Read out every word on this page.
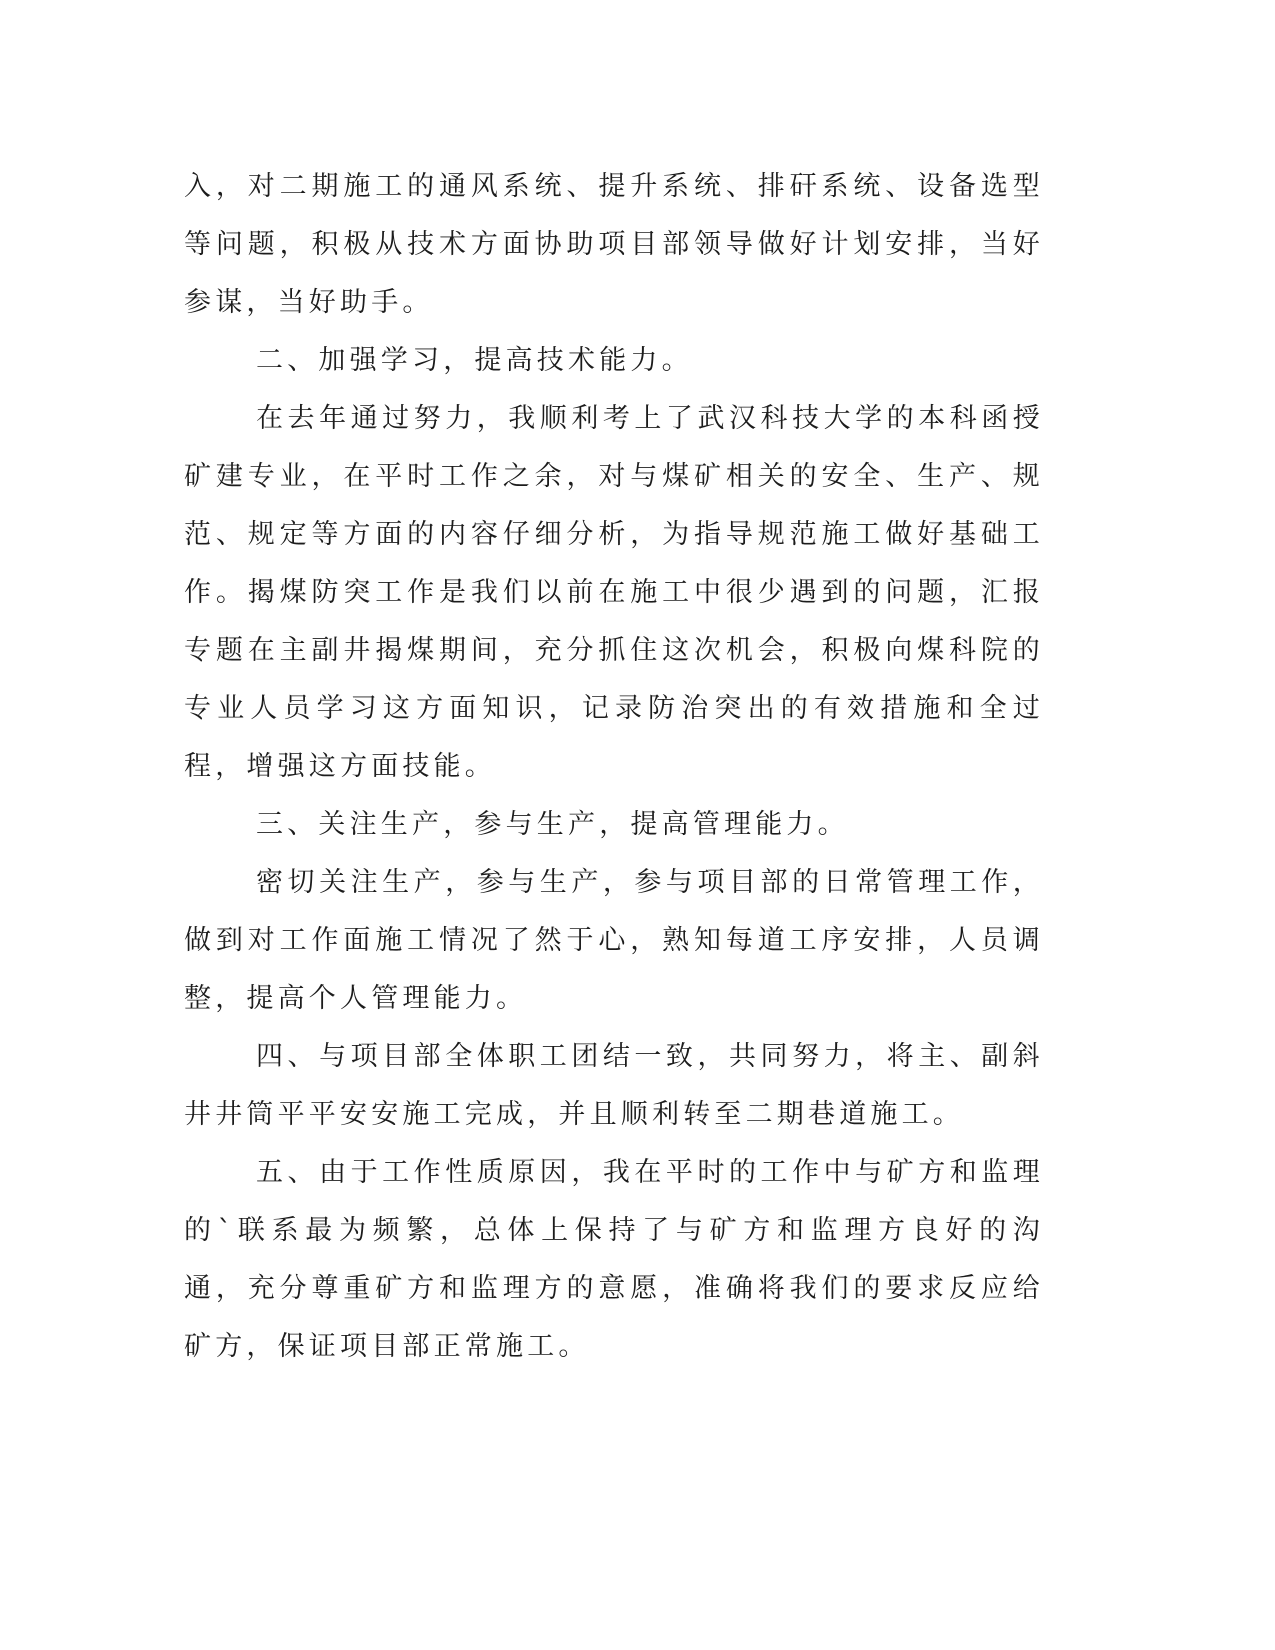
入，对二期施工的通风系统、提升系统、排矸系统、设备选型等问题，积极从技术方面协助项目部领导做好计划安排，当好参谋，当好助手。

二、加强学习，提高技术能力。

在去年通过努力，我顺利考上了武汉科技大学的本科函授矿建专业，在平时工作之余，对与煤矿相关的安全、生产、规范、规定等方面的内容仔细分析，为指导规范施工做好基础工作。揭煤防突工作是我们以前在施工中很少遇到的问题，汇报专题在主副井揭煤期间，充分抓住这次机会，积极向煤科院的专业人员学习这方面知识，记录防治突出的有效措施和全过程，增强这方面技能。

三、关注生产，参与生产，提高管理能力。

密切关注生产，参与生产，参与项目部的日常管理工作，做到对工作面施工情况了然于心，熟知每道工序安排，人员调整，提高个人管理能力。

四、与项目部全体职工团结一致，共同努力，将主、副斜井井筒平平安安施工完成，并且顺利转至二期巷道施工。

五、由于工作性质原因，我在平时的工作中与矿方和监理的`联系最为频繁，总体上保持了与矿方和监理方良好的沟通，充分尊重矿方和监理方的意愿，准确将我们的要求反应给矿方，保证项目部正常施工。
